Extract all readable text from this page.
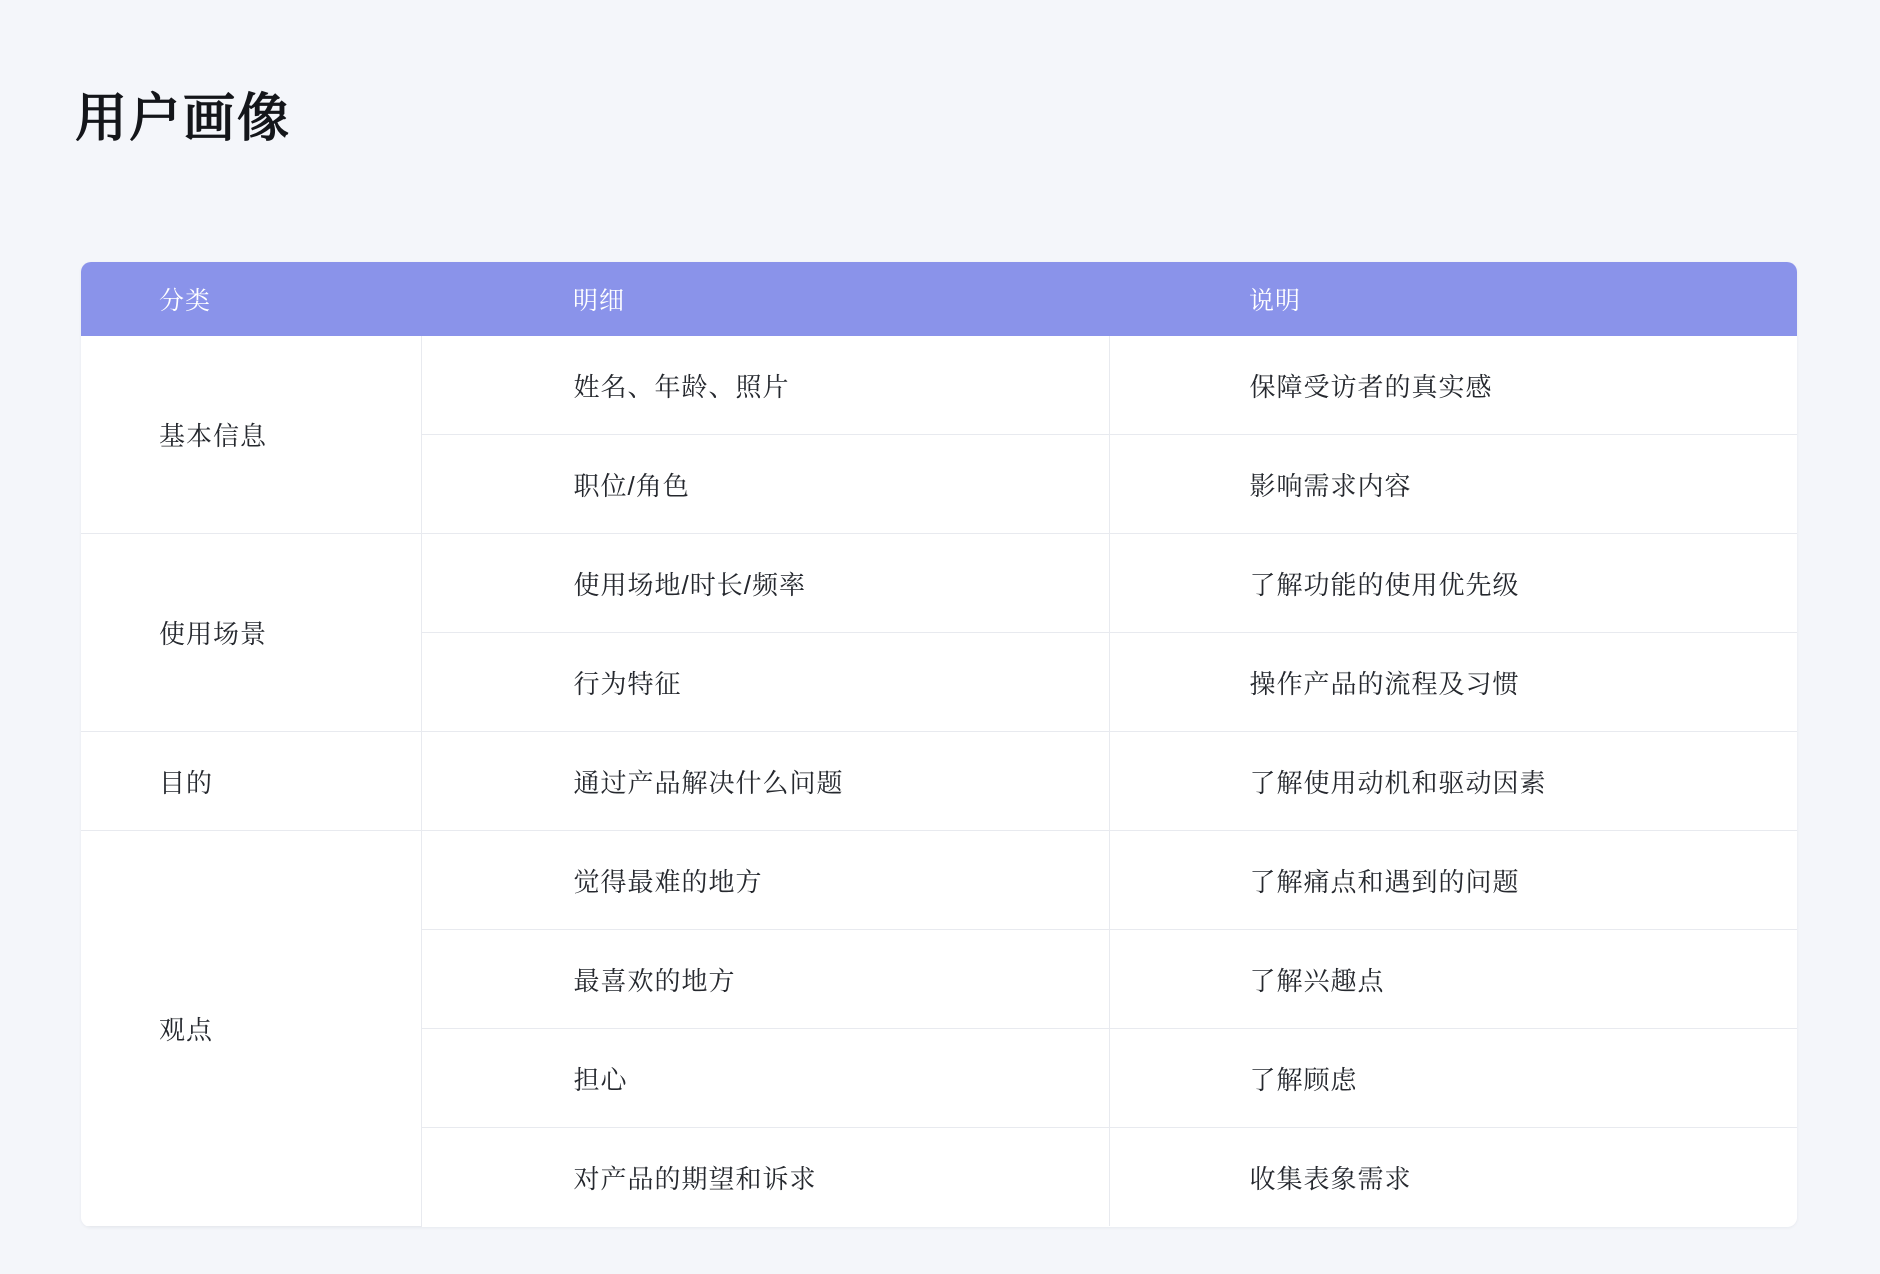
用户画像
分类	明细	说明

基本信息	姓名、年龄、照片	保障受访者的真实感

	职位/角色	影响需求内容

使用场景	使用场地/时长/频率	了解功能的使用优先级

	行为特征	操作产品的流程及习惯

目的	通过产品解决什么问题	了解使用动机和驱动因素

观点	觉得最难的地方	了解痛点和遇到的问题

	最喜欢的地方	了解兴趣点

	担心	了解顾虑

	对产品的期望和诉求	收集表象需求
